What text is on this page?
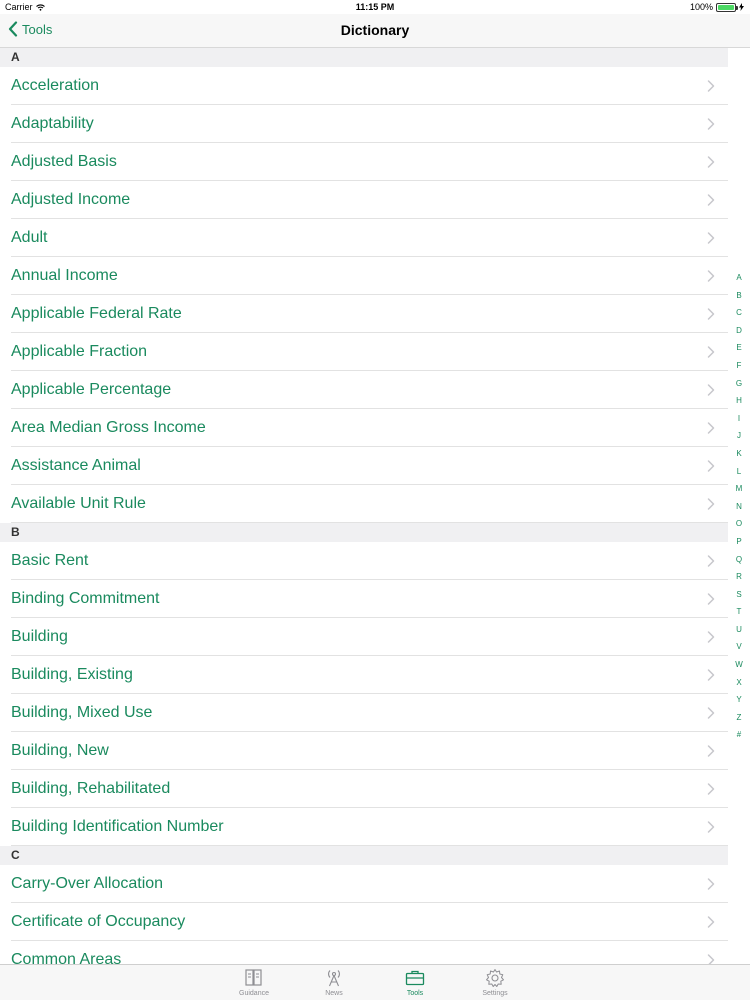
Carrier	11:15 PM	100%
Tools	Dictionary
A
Acceleration
Adaptability
Adjusted Basis
Adjusted Income
Adult
Annual Income
Applicable Federal Rate
Applicable Fraction
Applicable Percentage
Area Median Gross Income
Assistance Animal
Available Unit Rule
B
Basic Rent
Binding Commitment
Building
Building, Existing
Building, Mixed Use
Building, New
Building, Rehabilitated
Building Identification Number
C
Carry-Over Allocation
Certificate of Occupancy
Common Areas
A
B
C
D
E
F
G
H
I
J
K
L
M
N
O
P
Q
R
S
T
U
V
W
X
Y
Z
#
Guidance	News	Tools	Settings
